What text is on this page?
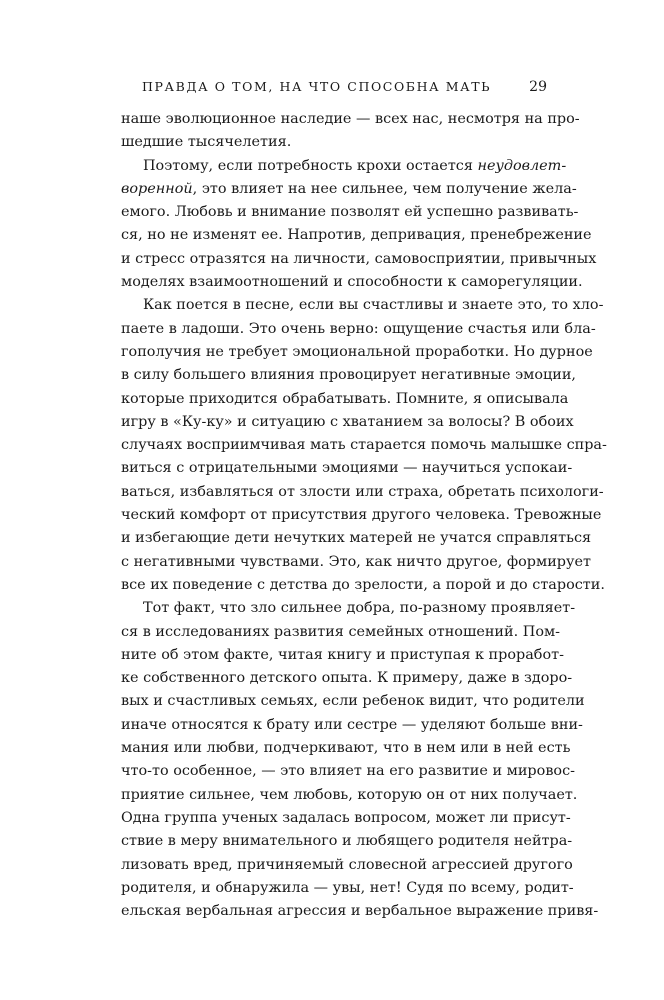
ПРАВДА О ТОМ, НА ЧТО СПОСОБНА МАТЬ	29
наше эволюционное наследие — всех нас, несмотря на про-
шедшие тысячелетия.
Поэтому, если потребность крохи остается неудовлет-
воренной, это влияет на нее сильнее, чем получение жела-
емого. Любовь и внимание позволят ей успешно развивать-
ся, но не изменят ее. Напротив, депривация, пренебрежение
и стресс отразятся на личности, самовосприятии, привычных
моделях взаимоотношений и способности к саморегуляции.
Как поется в песне, если вы счастливы и знаете это, то хло-
паете в ладоши. Это очень верно: ощущение счастья или бла-
гополучия не требует эмоциональной проработки. Но дурное
в силу большего влияния провоцирует негативные эмоции,
которые приходится обрабатывать. Помните, я описывала
игру в «Ку-ку» и ситуацию с хватанием за волосы? В обоих
случаях восприимчивая мать старается помочь малышке спра-
виться с отрицательными эмоциями — научиться успокаи-
ваться, избавляться от злости или страха, обретать психологи-
ческий комфорт от присутствия другого человека. Тревожные
и избегающие дети нечутких матерей не учатся справляться
с негативными чувствами. Это, как ничто другое, формирует
все их поведение с детства до зрелости, а порой и до старости.
Тот факт, что зло сильнее добра, по-разному проявляет-
ся в исследованиях развития семейных отношений. Пом-
ните об этом факте, читая книгу и приступая к проработ-
ке собственного детского опыта. К примеру, даже в здоро-
вых и счастливых семьях, если ребенок видит, что родители
иначе относятся к брату или сестре — уделяют больше вни-
мания или любви, подчеркивают, что в нем или в ней есть
что-то особенное, — это влияет на его развитие и мировос-
приятие сильнее, чем любовь, которую он от них получает.
Одна группа ученых задалась вопросом, может ли присут-
ствие в меру внимательного и любящего родителя нейтра-
лизовать вред, причиняемый словесной агрессией другого
родителя, и обнаружила — увы, нет! Судя по всему, родит-
ельская вербальная агрессия и вербальное выражение привя-
